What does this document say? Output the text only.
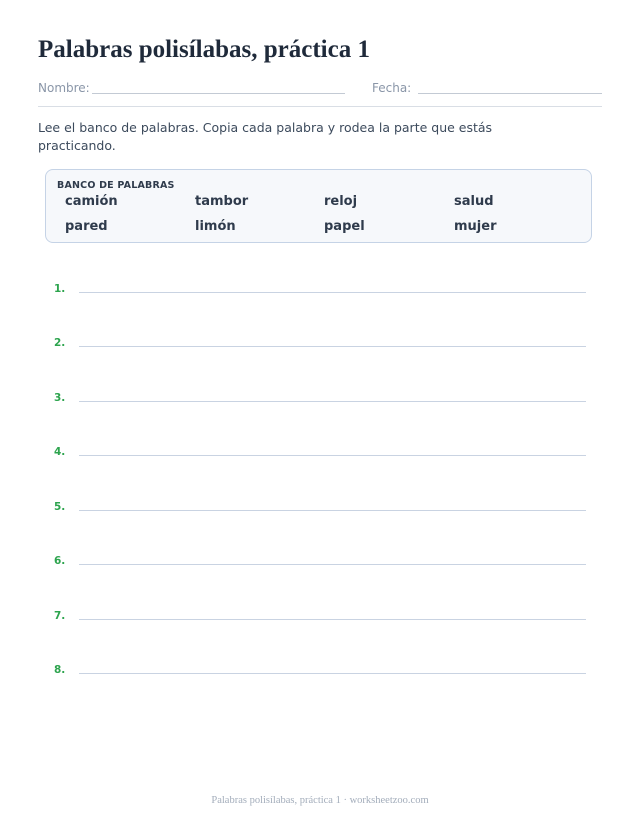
Palabras polisílabas, práctica 1
Nombre:	Fecha:

Lee el banco de palabras. Copia cada palabra y rodea la parte que estás practicando.

BANCO DE PALABRAS
camión	tambor	reloj	salud
pared	limón	papel	mujer
1.
2.
3.
4.
5.
6.
7.
8.
Palabras polisílabas, práctica 1 · worksheetzoo.com
